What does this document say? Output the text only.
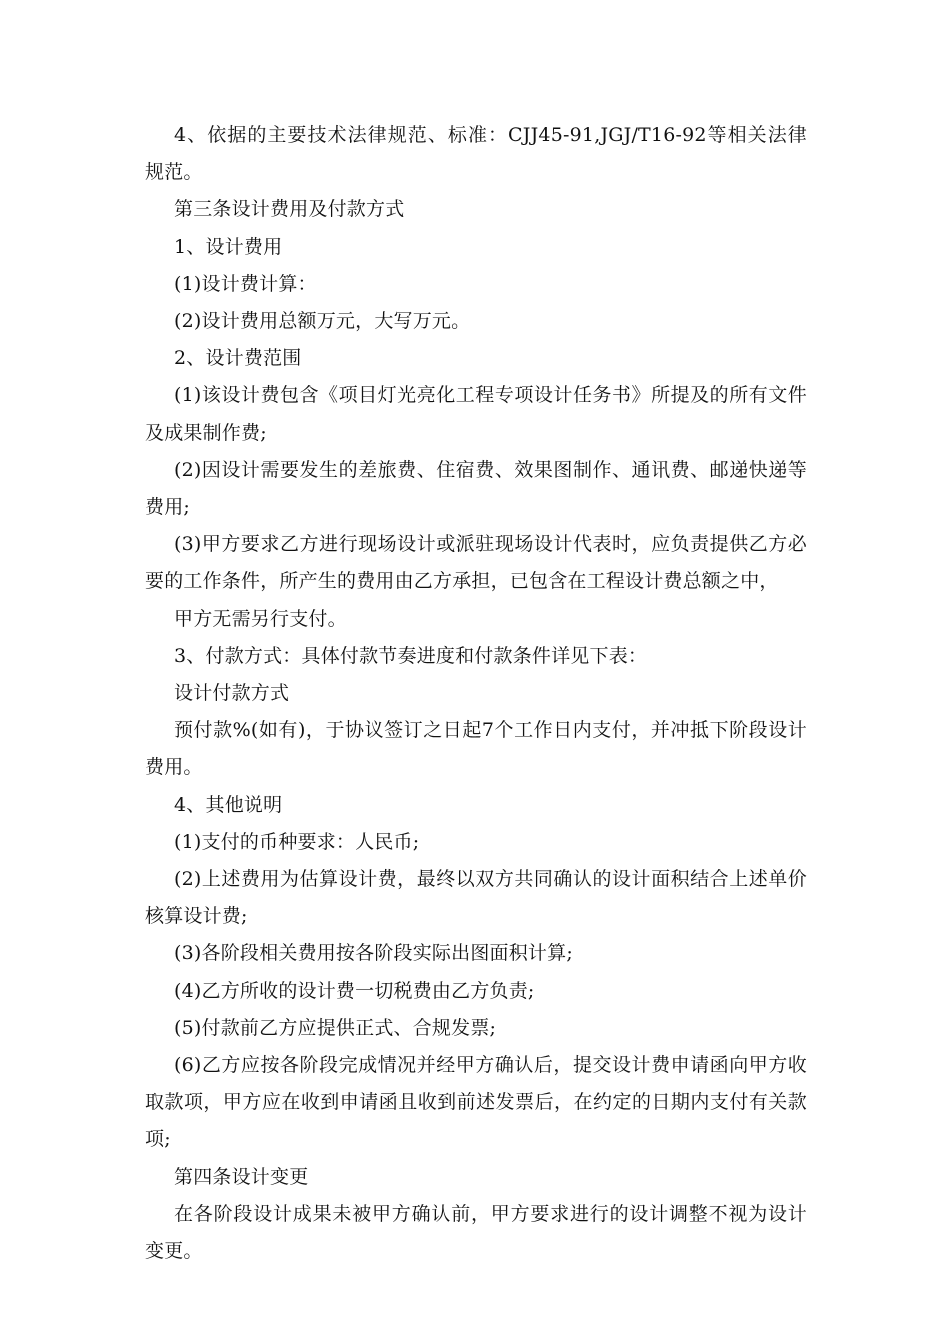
4、依据的主要技术法律规范、标准：CJJ45-91,JGJ/T16-92等相关法律规范。

第三条设计费用及付款方式

1、设计费用

(1)设计费计算：

(2)设计费用总额万元，大写万元。

2、设计费范围

(1)该设计费包含《项目灯光亮化工程专项设计任务书》所提及的所有文件及成果制作费;

(2)因设计需要发生的差旅费、住宿费、效果图制作、通讯费、邮递快递等费用;

(3)甲方要求乙方进行现场设计或派驻现场设计代表时，应负责提供乙方必要的工作条件，所产生的费用由乙方承担，已包含在工程设计费总额之中，

甲方无需另行支付。

3、付款方式：具体付款节奏进度和付款条件详见下表：

设计付款方式

预付款%(如有)，于协议签订之日起7个工作日内支付，并冲抵下阶段设计费用。

4、其他说明

(1)支付的币种要求：人民币;

(2)上述费用为估算设计费，最终以双方共同确认的设计面积结合上述单价核算设计费;

(3)各阶段相关费用按各阶段实际出图面积计算;

(4)乙方所收的设计费一切税费由乙方负责;

(5)付款前乙方应提供正式、合规发票;

(6)乙方应按各阶段完成情况并经甲方确认后，提交设计费申请函向甲方收取款项，甲方应在收到申请函且收到前述发票后，在约定的日期内支付有关款项;

第四条设计变更

在各阶段设计成果未被甲方确认前，甲方要求进行的设计调整不视为设计变更。
